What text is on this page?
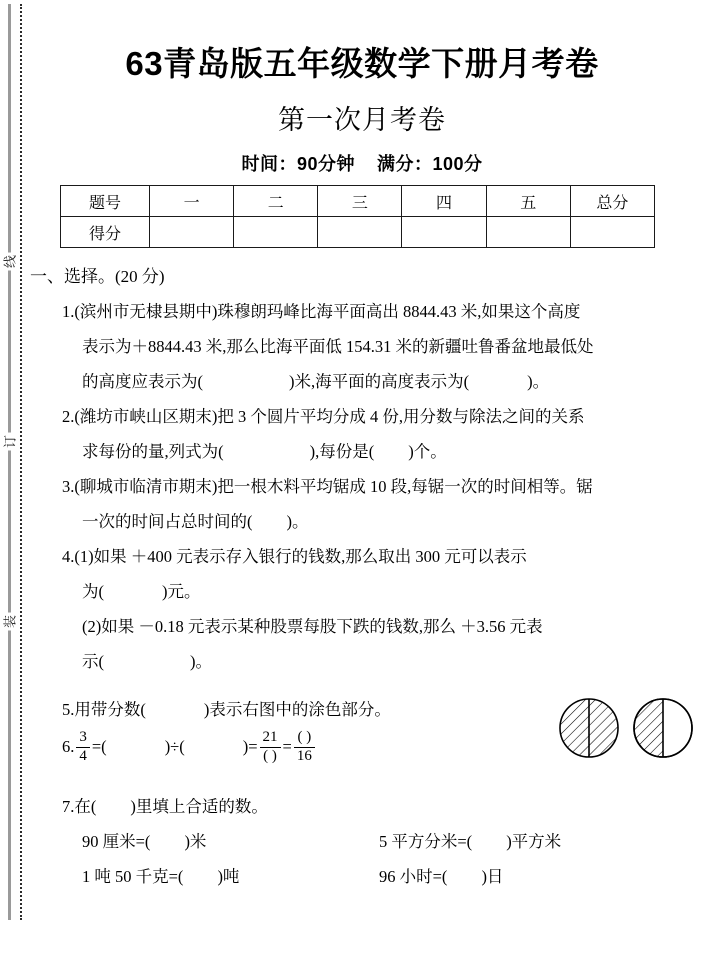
线
订
装
63青岛版五年级数学下册月考卷
第一次月考卷
时间：90分钟 满分：100分
题号	一	二	三	四	五	总分
得分						
一、选择。(20 分)
1.(滨州市无棣县期中)珠穆朗玛峰比海平面高出 8844.43 米,如果这个高度
表示为＋8844.43 米,那么比海平面低 154.31 米的新疆吐鲁番盆地最低处
的高度应表示为(	)米,海平面的高度表示为(	)。
2.(潍坊市峡山区期末)把 3 个圆片平均分成 4 份,用分数与除法之间的关系
求每份的量,列式为(	),每份是( )个。
3.(聊城市临清市期末)把一根木料平均锯成 10 段,每锯一次的时间相等。锯
一次的时间占总时间的( )。
4.(1)如果 ＋400 元表示存入银行的钱数,那么取出 300 元可以表示
为(	)元。
(2)如果 －0.18 元表示某种股票每股下跌的钱数,那么 ＋3.56 元表
示(	)。
5.用带分数(	)表示右图中的涂色部分。
6. $\frac{3}{4}$ =(	)÷(	)= $\frac{21}{( )} = \frac{( )}{16}$
7.在( )里填上合适的数。
90 厘米=( )米	5 平方分米=( )平方米
1 吨 50 千克=( )吨	96 小时=( )日
